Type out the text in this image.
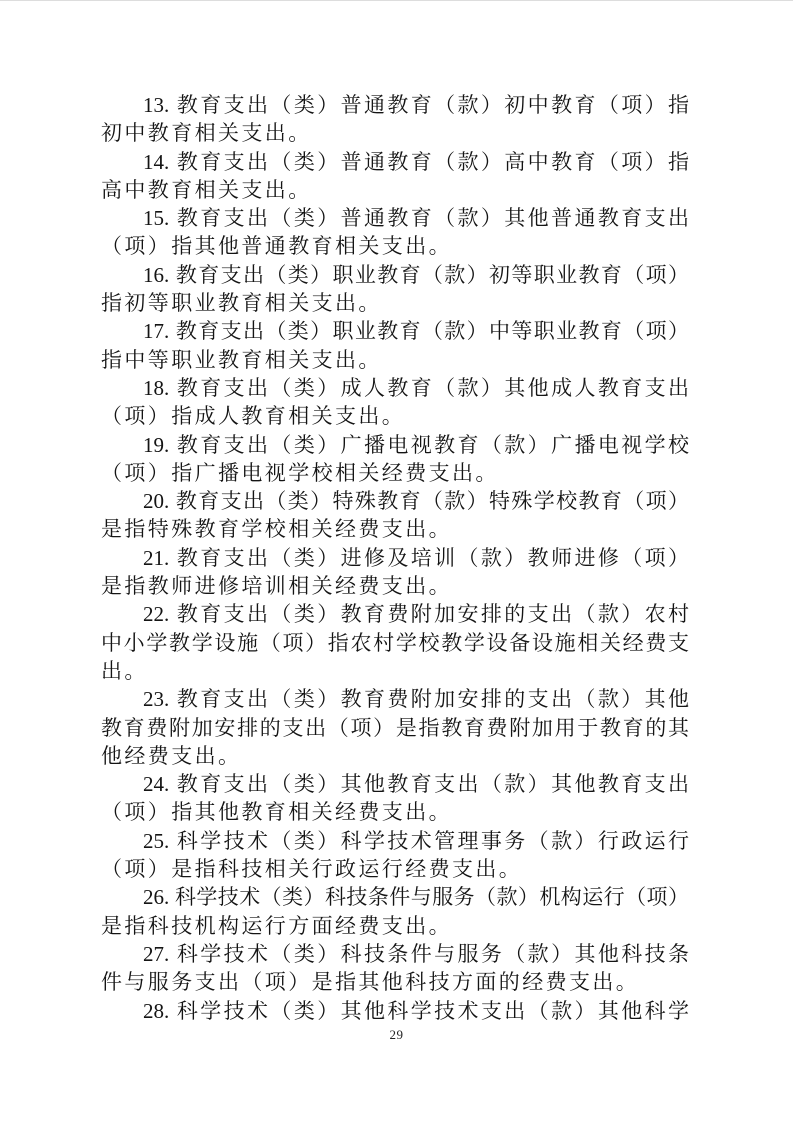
13. 教育支出（类）普通教育（款）初中教育（项）指
初中教育相关支出。

14. 教育支出（类）普通教育（款）高中教育（项）指
高中教育相关支出。

15. 教育支出（类）普通教育（款）其他普通教育支出
（项）指其他普通教育相关支出。

16. 教育支出（类）职业教育（款）初等职业教育（项）
指初等职业教育相关支出。

17. 教育支出（类）职业教育（款）中等职业教育（项）
指中等职业教育相关支出。

18. 教育支出（类）成人教育（款）其他成人教育支出
（项）指成人教育相关支出。

19. 教育支出（类）广播电视教育（款）广播电视学校
（项）指广播电视学校相关经费支出。

20. 教育支出（类）特殊教育（款）特殊学校教育（项）
是指特殊教育学校相关经费支出。

21. 教育支出（类）进修及培训（款）教师进修（项）
是指教师进修培训相关经费支出。

22. 教育支出（类）教育费附加安排的支出（款）农村
中小学教学设施（项）指农村学校教学设备设施相关经费支
出。

23. 教育支出（类）教育费附加安排的支出（款）其他
教育费附加安排的支出（项）是指教育费附加用于教育的其
他经费支出。

24. 教育支出（类）其他教育支出（款）其他教育支出
（项）指其他教育相关经费支出。

25. 科学技术（类）科学技术管理事务（款）行政运行
（项）是指科技相关行政运行经费支出。

26. 科学技术（类）科技条件与服务（款）机构运行（项）
是指科技机构运行方面经费支出。

27. 科学技术（类）科技条件与服务（款）其他科技条
件与服务支出（项）是指其他科技方面的经费支出。

28. 科学技术（类）其他科学技术支出（款）其他科学

29
